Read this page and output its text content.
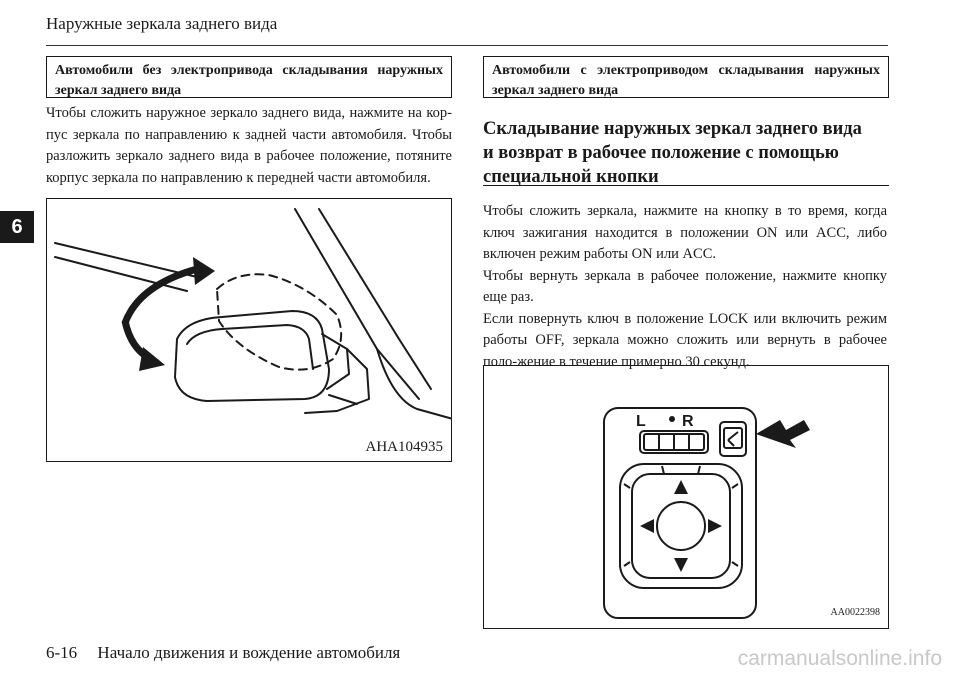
Наружные зеркала заднего вида
6
Автомобили без электропривода складывания наружных зеркал заднего вида
Чтобы сложить наружное зеркало заднего вида, нажмите на кор-пус зеркала по направлению к задней части автомобиля. Чтобы разложить зеркало заднего вида в рабочее положение, потяните корпус зеркала по направлению к передней части автомобиля.
AHA104935
Автомобили с электроприводом складывания наружных зеркал заднего вида
Складывание наружных зеркал заднего вида
и возврат в рабочее положение с помощью
специальной кнопки
Чтобы сложить зеркала, нажмите на кнопку в то время, когда ключ зажигания находится в положении ON или ACC, либо включен режим работы ON или ACC.
Чтобы вернуть зеркала в рабочее положение, нажмите кнопку еще раз.
Если повернуть ключ в положение LOCK или включить режим работы OFF, зеркала можно сложить или вернуть в рабочее поло-жение в течение примерно 30 секунд.
L R
AA0022398
6-16 Начало движения и вождение автомобиля	carmanualsonline.info
